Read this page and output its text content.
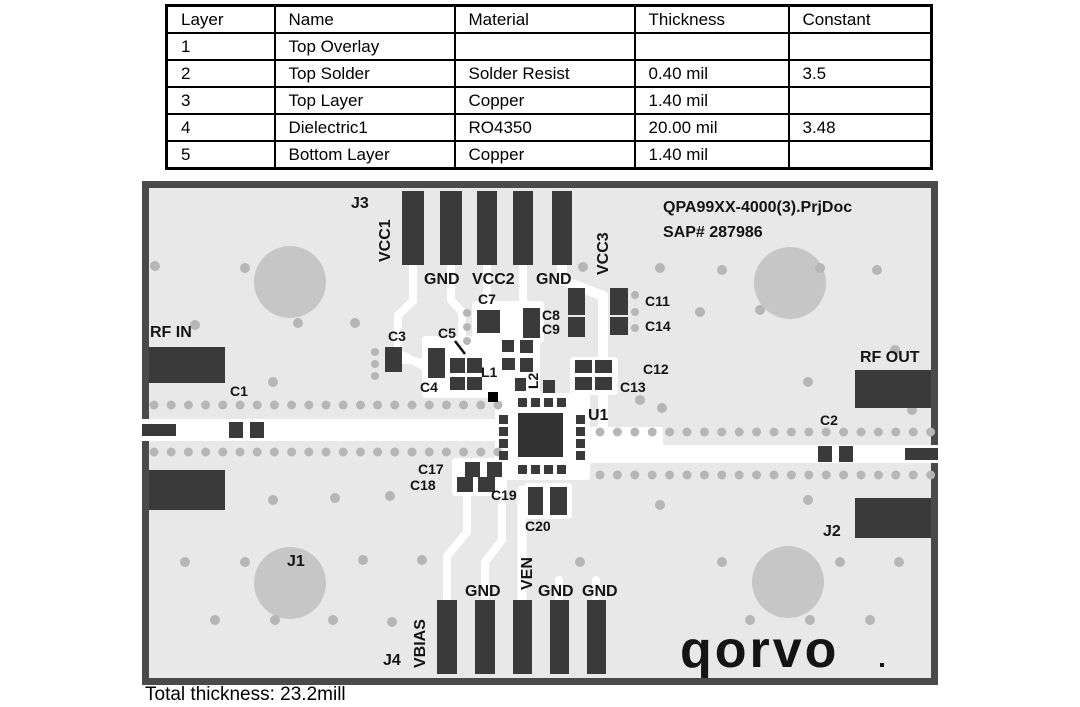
Layer	Name	Material	Thickness	Constant
1	Top Overlay			
2	Top Solder	Solder Resist	0.40 mil	3.5
3	Top Layer	Copper	1.40 mil	
4	Dielectric1	RO4350	20.00 mil	3.48
5	Bottom Layer	Copper	1.40 mil	
RF IN
RF OUT
J1
J2
J3
J4
VCC1	VCC3
VBIAS
VEN
GND VCC2 GND
GND GND GND
QPA99XX-4000(3).PrjDoc
SAP# 287986
C1
C2
C3
C4
C5
C7
C8
C9
C11
C14
C12
C13
L1
L2
U1
C17
C18
C19
C20
qorvo
Total thickness: 23.2mill
